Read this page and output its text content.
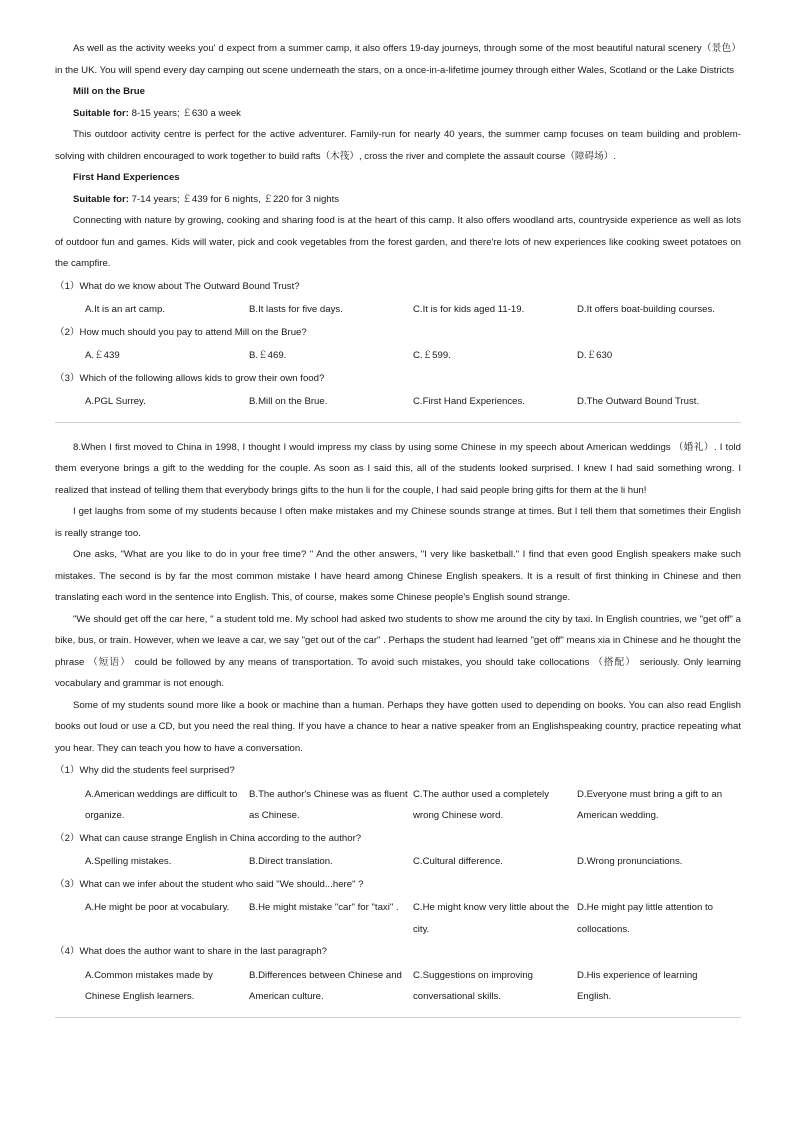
As well as the activity weeks you' d expect from a summer camp, it also offers 19-day journeys, through some of the most beautiful natural scenery（景色）in the UK. You will spend every day camping out scene underneath the stars, on a once-in-a-lifetime journey through either Wales, Scotland or the Lake Districts

Mill on the Brue

Suitable for: 8-15 years; ￡630 a week

This outdoor activity centre is perfect for the active adventurer. Family-run for nearly 40 years, the summer camp focuses on team building and problem-solving with children encouraged to work together to build rafts（木筏）, cross the river and complete the assault course（障碍场）.

First Hand Experiences

Suitable for: 7-14 years; ￡439 for 6 nights, ￡220 for 3 nights

Connecting with nature by growing, cooking and sharing food is at the heart of this camp. It also offers woodland arts, countryside experience as well as lots of outdoor fun and games. Kids will water, pick and cook vegetables from the forest garden, and there're lots of new experiences like cooking sweet potatoes on the campfire.

（1）What do we know about The Outward Bound Trust?

A.It is an art camp.	B.It lasts for five days.	C.It is for kids aged 11-19.	D.It offers boat-building courses.

（2）How much should you pay to attend Mill on the Brue?

A.￡439	B.￡469.	C.￡599.	D.￡630

（3）Which of the following allows kids to grow their own food?

A.PGL Surrey.	B.Mill on the Brue.	C.First Hand Experiences.	D.The Outward Bound Trust.

8.When I first moved to China in 1998, I thought I would impress my class by using some Chinese in my speech about American weddings （婚礼）. I told them everyone brings a gift to the wedding for the couple. As soon as I said this, all of the students looked surprised. I knew I had said something wrong. I realized that instead of telling them that everybody brings gifts to the hun li for the couple, I had said people bring gifts for them at the li hun!

I get laughs from some of my students because I often make mistakes and my Chinese sounds strange at times. But I tell them that sometimes their English is really strange too.

One asks, "What are you like to do in your free time? " And the other answers, "I very like basketball." I find that even good English speakers make such mistakes. The second is by far the most common mistake I have heard among Chinese English speakers. It is a result of first thinking in Chinese and then translating each word in the sentence into English. This, of course, makes some Chinese people's English sound strange.

"We should get off the car here, " a student told me. My school had asked two students to show me around the city by taxi. In English countries, we "get off" a bike, bus, or train. However, when we leave a car, we say "get out of the car" . Perhaps the student had learned "get off" means xia in Chinese and he thought the phrase （短语） could be followed by any means of transportation. To avoid such mistakes, you should take collocations （搭配） seriously. Only learning vocabulary and grammar is not enough.

Some of my students sound more like a book or machine than a human. Perhaps they have gotten used to depending on books. You can also read English books out loud or use a CD, but you need the real thing. If you have a chance to hear a native speaker from an Englishspeaking country, practice repeating what you hear. They can teach you how to have a conversation.

（1）Why did the students feel surprised?

A.American weddings are difficult to organize.
B.The author's Chinese was as fluent as Chinese.
C.The author used a completely wrong Chinese word.
D.Everyone must bring a gift to an American wedding.

（2）What can cause strange English in China according to the author?

A.Spelling mistakes.	B.Direct translation.	C.Cultural difference.	D.Wrong pronunciations.

（3）What can we infer about the student who said "We should...here" ?

A.He might be poor at vocabulary.	B.He might mistake "car" for "taxi" .	C.He might know very little about the city.
D.He might pay little attention to collocations.

（4）What does the author want to share in the last paragraph?

A.Common mistakes made by Chinese English learners.
B.Differences between Chinese and American culture.
C.Suggestions on improving conversational skills.
D.His experience of learning English.
